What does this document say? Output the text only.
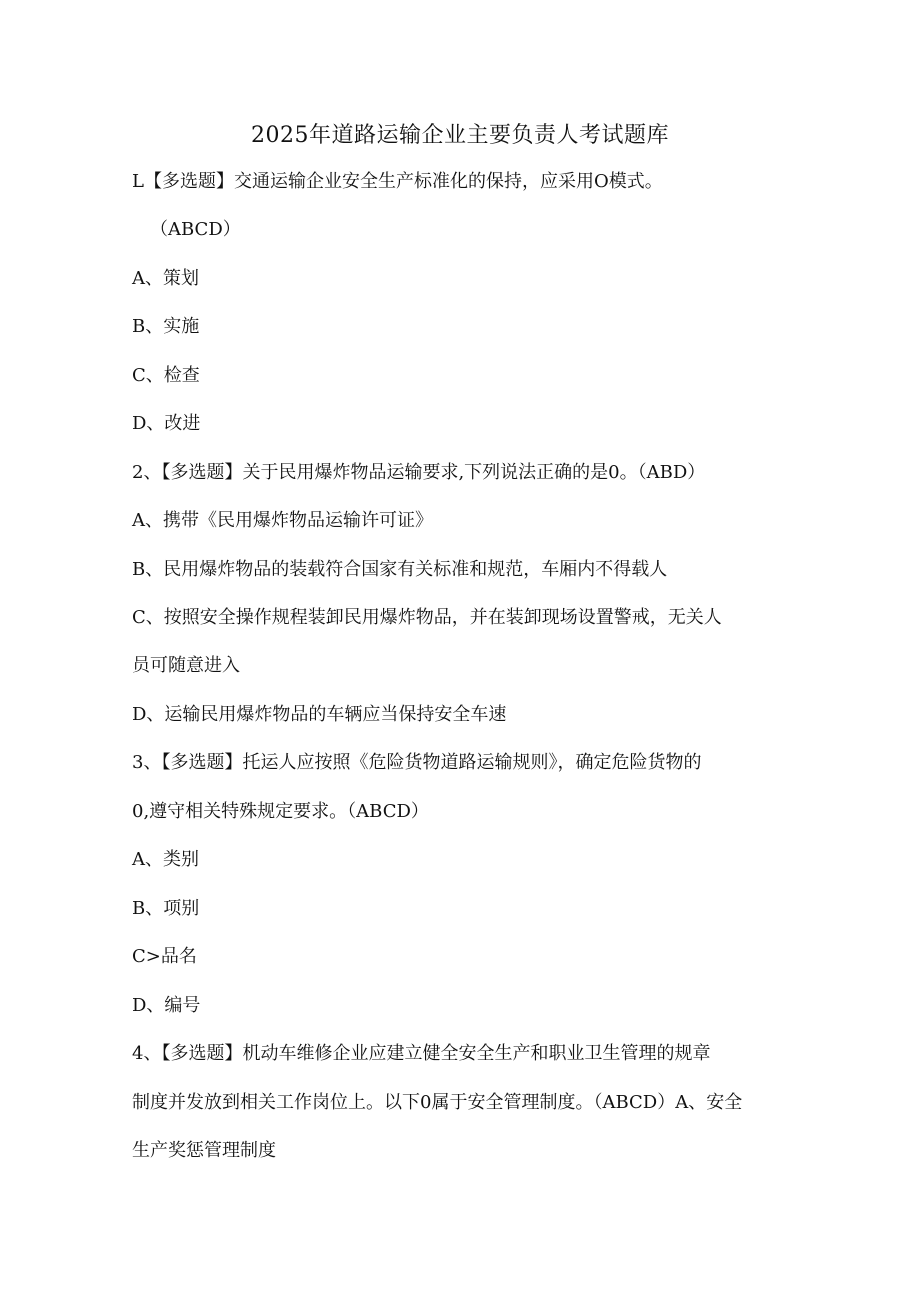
2025年道路运输企业主要负责人考试题库
L【多选题】交通运输企业安全生产标准化的保持，应采用O模式。
（ABCD）
A、策划
B、实施
C、检查
D、改进
2、【多选题】关于民用爆炸物品运输要求,下列说法正确的是0。（ABD）
A、携带《民用爆炸物品运输许可证》
B、民用爆炸物品的装载符合国家有关标准和规范，车厢内不得载人
C、按照安全操作规程装卸民用爆炸物品，并在装卸现场设置警戒，无关人
员可随意进入
D、运输民用爆炸物品的车辆应当保持安全车速
3、【多选题】托运人应按照《危险货物道路运输规则》，确定危险货物的
0,遵守相关特殊规定要求。（ABCD）
A、类别
B、项别
C>品名
D、编号
4、【多选题】机动车维修企业应建立健全安全生产和职业卫生管理的规章
制度并发放到相关工作岗位上。以下0属于安全管理制度。（ABCD）A、安全
生产奖惩管理制度
